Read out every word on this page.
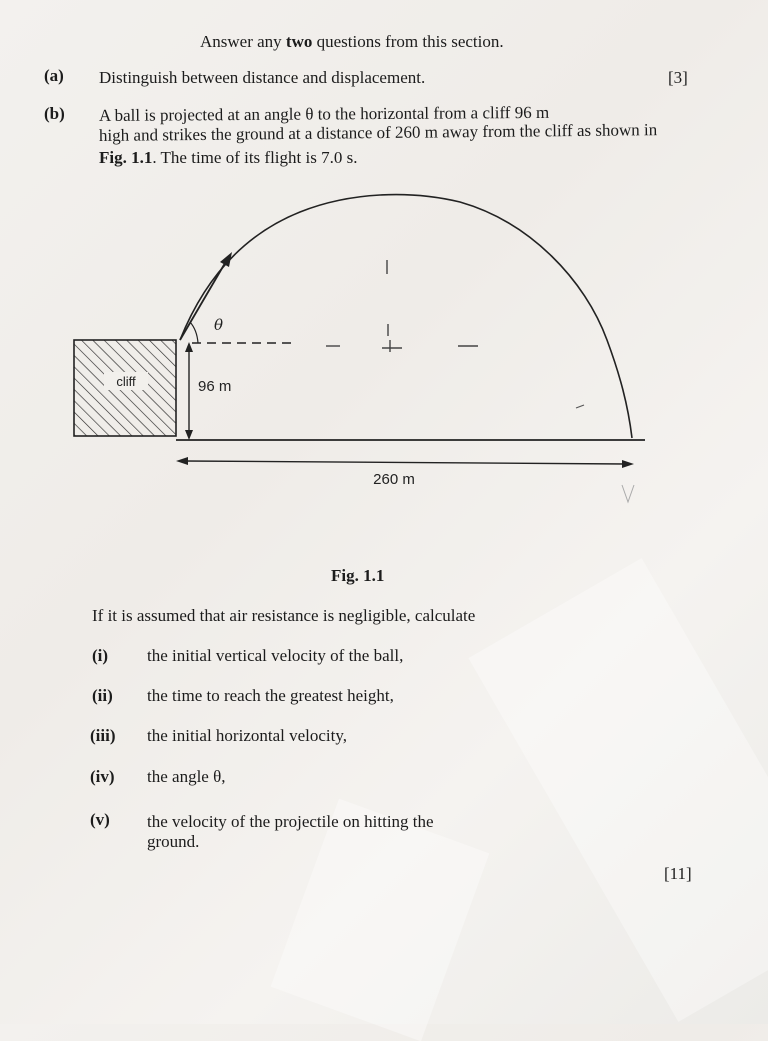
Answer any two questions from this section.
(a) Distinguish between distance and displacement.	[3]
(b) A ball is projected at an angle θ to the horizontal from a cliff 96 m
high and strikes the ground at a distance of 260 m away from the cliff as shown in
Fig. 1.1. The time of its flight is 7.0 s.
cliff
θ
96 m
260 m
Fig. 1.1
If it is assumed that air resistance is negligible, calculate
(i) the initial vertical velocity of the ball,
(ii) the time to reach the greatest height,
(iii) the initial horizontal velocity,
(iv) the angle θ,
(v) the velocity of the projectile on hitting the
ground.
[11]
